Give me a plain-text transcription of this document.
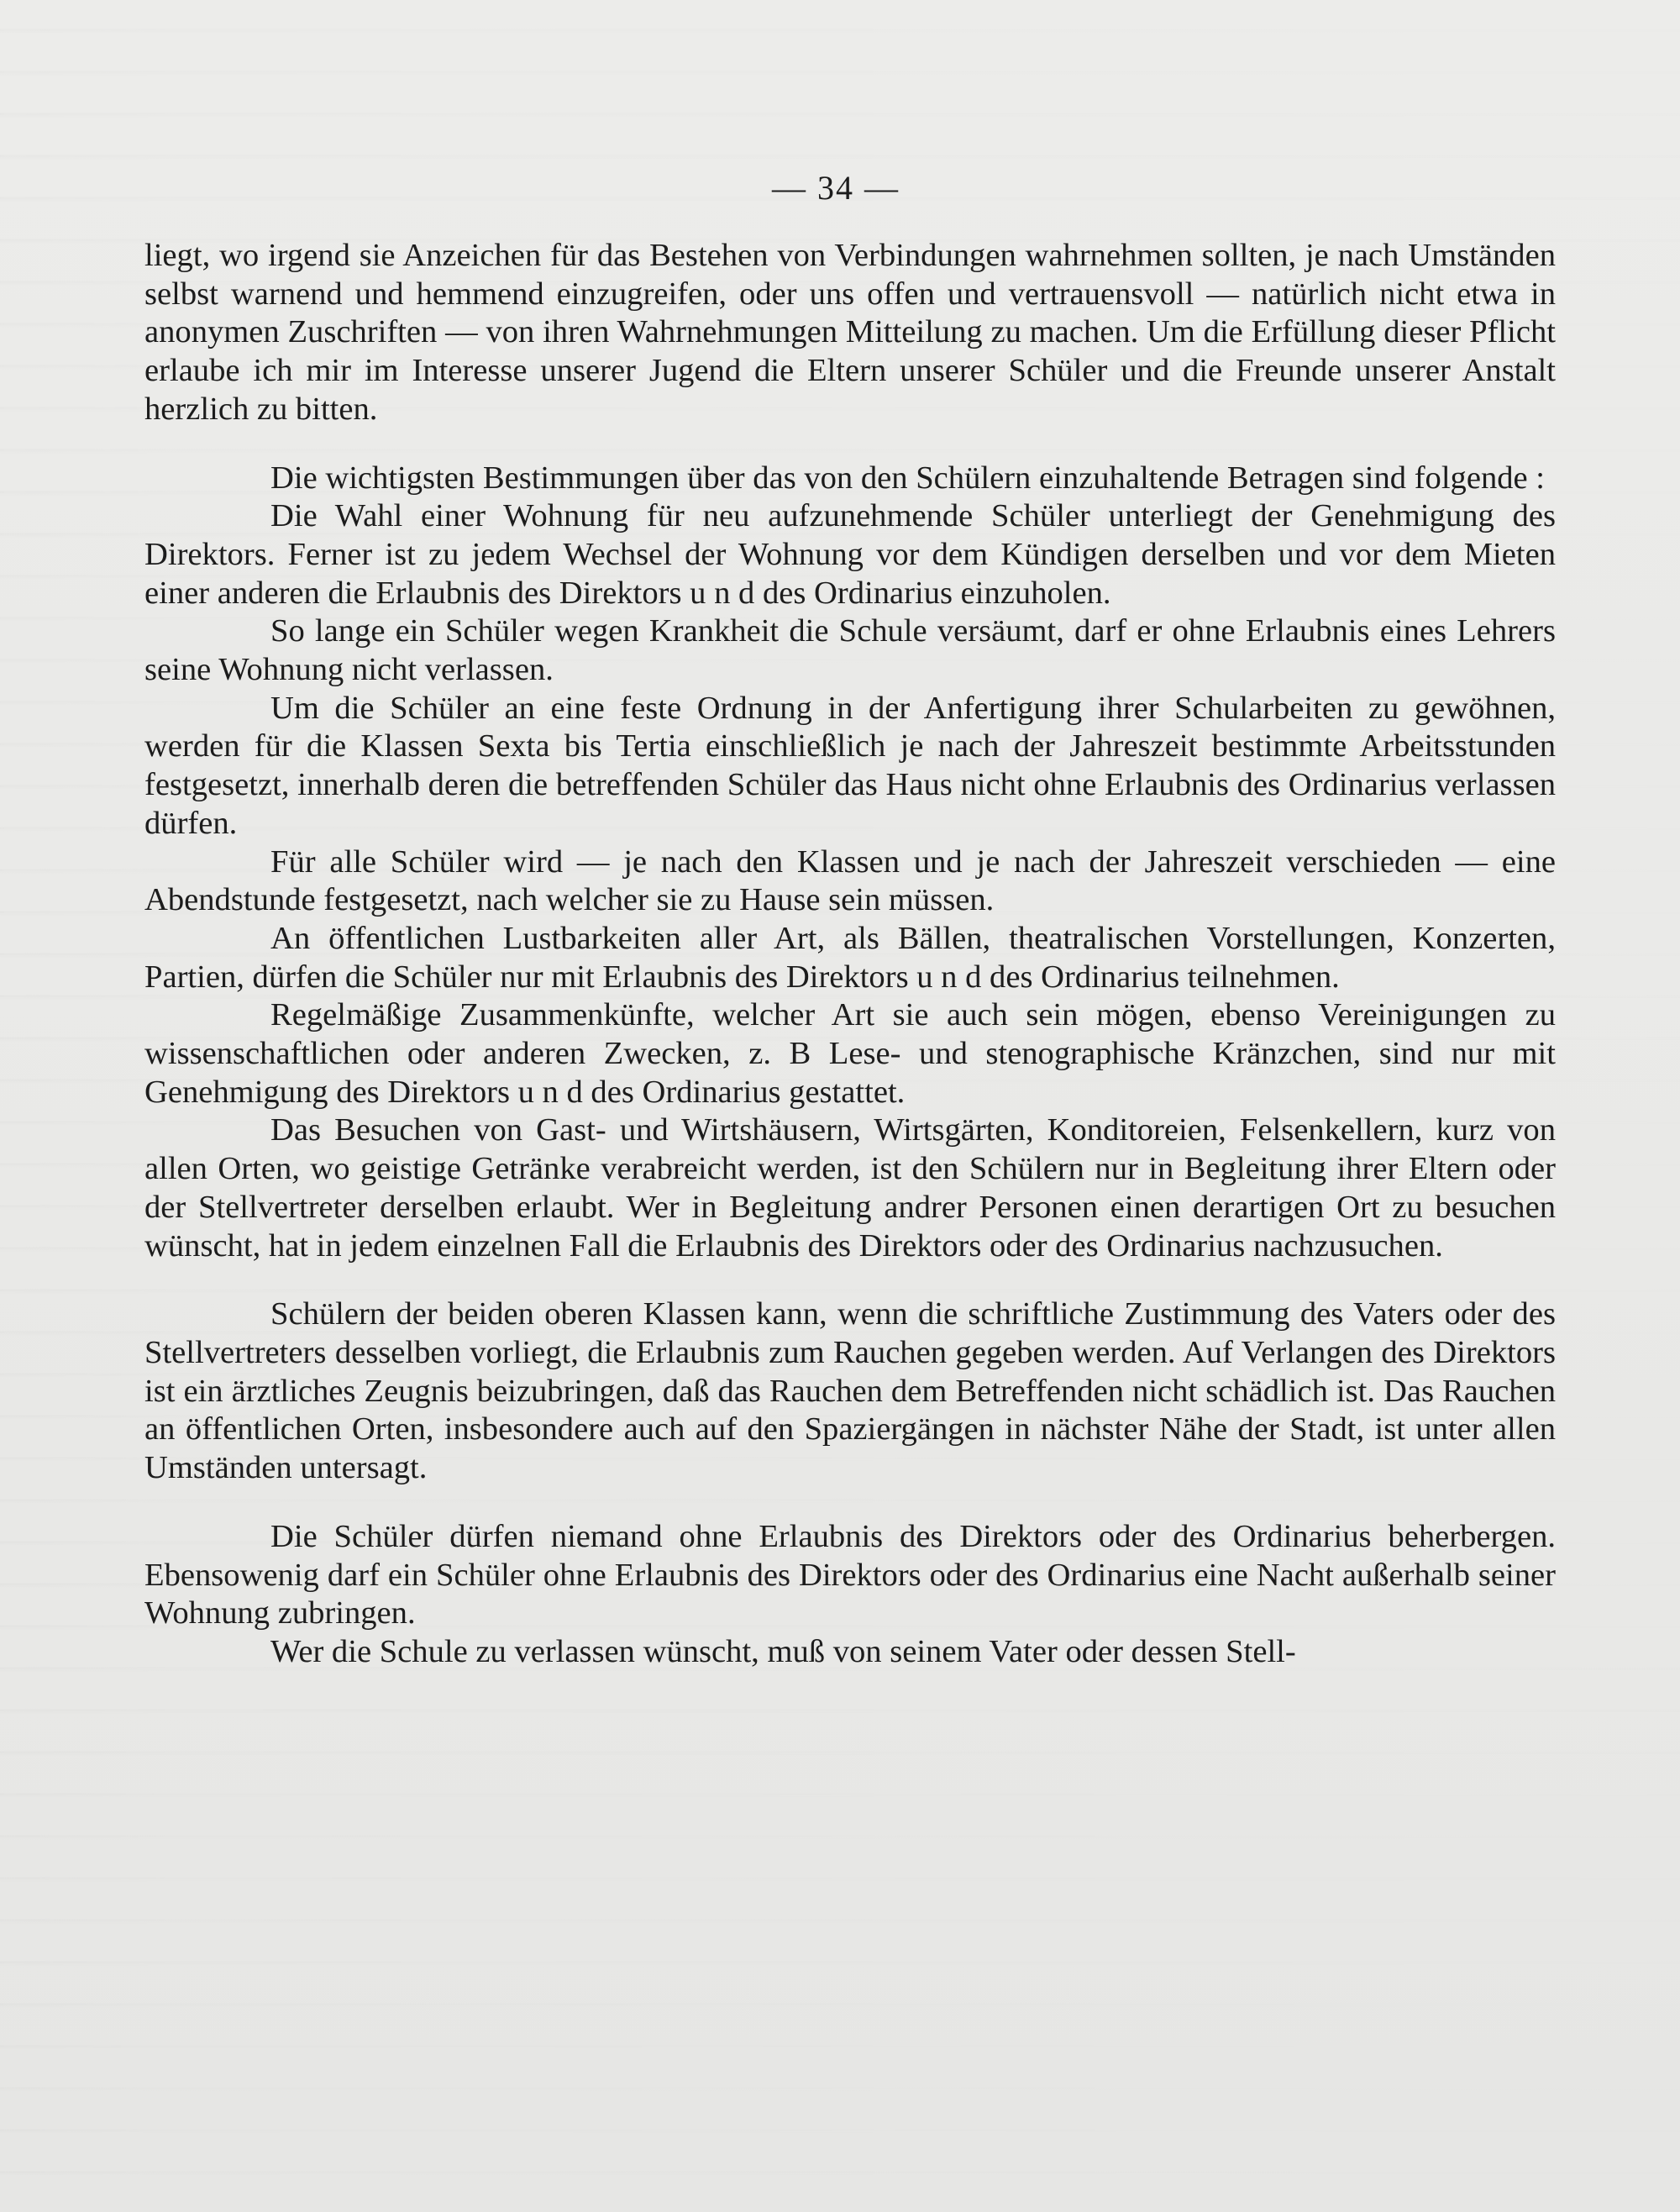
— 34 —

liegt, wo irgend sie Anzeichen für das Bestehen von Verbindungen wahrnehmen sollten, je nach Umständen selbst warnend und hemmend einzugreifen, oder uns offen und vertrauensvoll — natürlich nicht etwa in anonymen Zuschriften — von ihren Wahrnehmungen Mitteilung zu machen. Um die Erfüllung dieser Pflicht erlaube ich mir im Interesse unserer Jugend die Eltern unserer Schüler und die Freunde unserer Anstalt herzlich zu bitten.

Die wichtigsten Bestimmungen über das von den Schülern einzuhaltende Betragen sind folgende :

Die Wahl einer Wohnung für neu aufzunehmende Schüler unterliegt der Genehmigung des Direktors. Ferner ist zu jedem Wechsel der Wohnung vor dem Kündigen derselben und vor dem Mieten einer anderen die Erlaubnis des Direktors u n d des Ordinarius einzuholen.

So lange ein Schüler wegen Krankheit die Schule versäumt, darf er ohne Erlaubnis eines Lehrers seine Wohnung nicht verlassen.

Um die Schüler an eine feste Ordnung in der Anfertigung ihrer Schularbeiten zu gewöhnen, werden für die Klassen Sexta bis Tertia einschließlich je nach der Jahreszeit bestimmte Arbeitsstunden festgesetzt, innerhalb deren die betreffenden Schüler das Haus nicht ohne Erlaubnis des Ordinarius verlassen dürfen.

Für alle Schüler wird — je nach den Klassen und je nach der Jahreszeit verschieden — eine Abendstunde festgesetzt, nach welcher sie zu Hause sein müssen.

An öffentlichen Lustbarkeiten aller Art, als Bällen, theatralischen Vorstellungen, Konzerten, Partien, dürfen die Schüler nur mit Erlaubnis des Direktors u n d des Ordinarius teilnehmen.

Regelmäßige Zusammenkünfte, welcher Art sie auch sein mögen, ebenso Vereinigungen zu wissenschaftlichen oder anderen Zwecken, z. B Lese- und stenographische Kränzchen, sind nur mit Genehmigung des Direktors u n d des Ordinarius gestattet.

Das Besuchen von Gast- und Wirtshäusern, Wirtsgärten, Konditoreien, Felsenkellern, kurz von allen Orten, wo geistige Getränke verabreicht werden, ist den Schülern nur in Begleitung ihrer Eltern oder der Stellvertreter derselben erlaubt. Wer in Begleitung andrer Personen einen derartigen Ort zu besuchen wünscht, hat in jedem einzelnen Fall die Erlaubnis des Direktors oder des Ordinarius nachzusuchen.

Schülern der beiden oberen Klassen kann, wenn die schriftliche Zustimmung des Vaters oder des Stellvertreters desselben vorliegt, die Erlaubnis zum Rauchen gegeben werden. Auf Verlangen des Direktors ist ein ärztliches Zeugnis beizubringen, daß das Rauchen dem Betreffenden nicht schädlich ist. Das Rauchen an öffentlichen Orten, insbesondere auch auf den Spaziergängen in nächster Nähe der Stadt, ist unter allen Umständen untersagt.

Die Schüler dürfen niemand ohne Erlaubnis des Direktors oder des Ordinarius beherbergen. Ebensowenig darf ein Schüler ohne Erlaubnis des Direktors oder des Ordinarius eine Nacht außerhalb seiner Wohnung zubringen.

Wer die Schule zu verlassen wünscht, muß von seinem Vater oder dessen Stell-
